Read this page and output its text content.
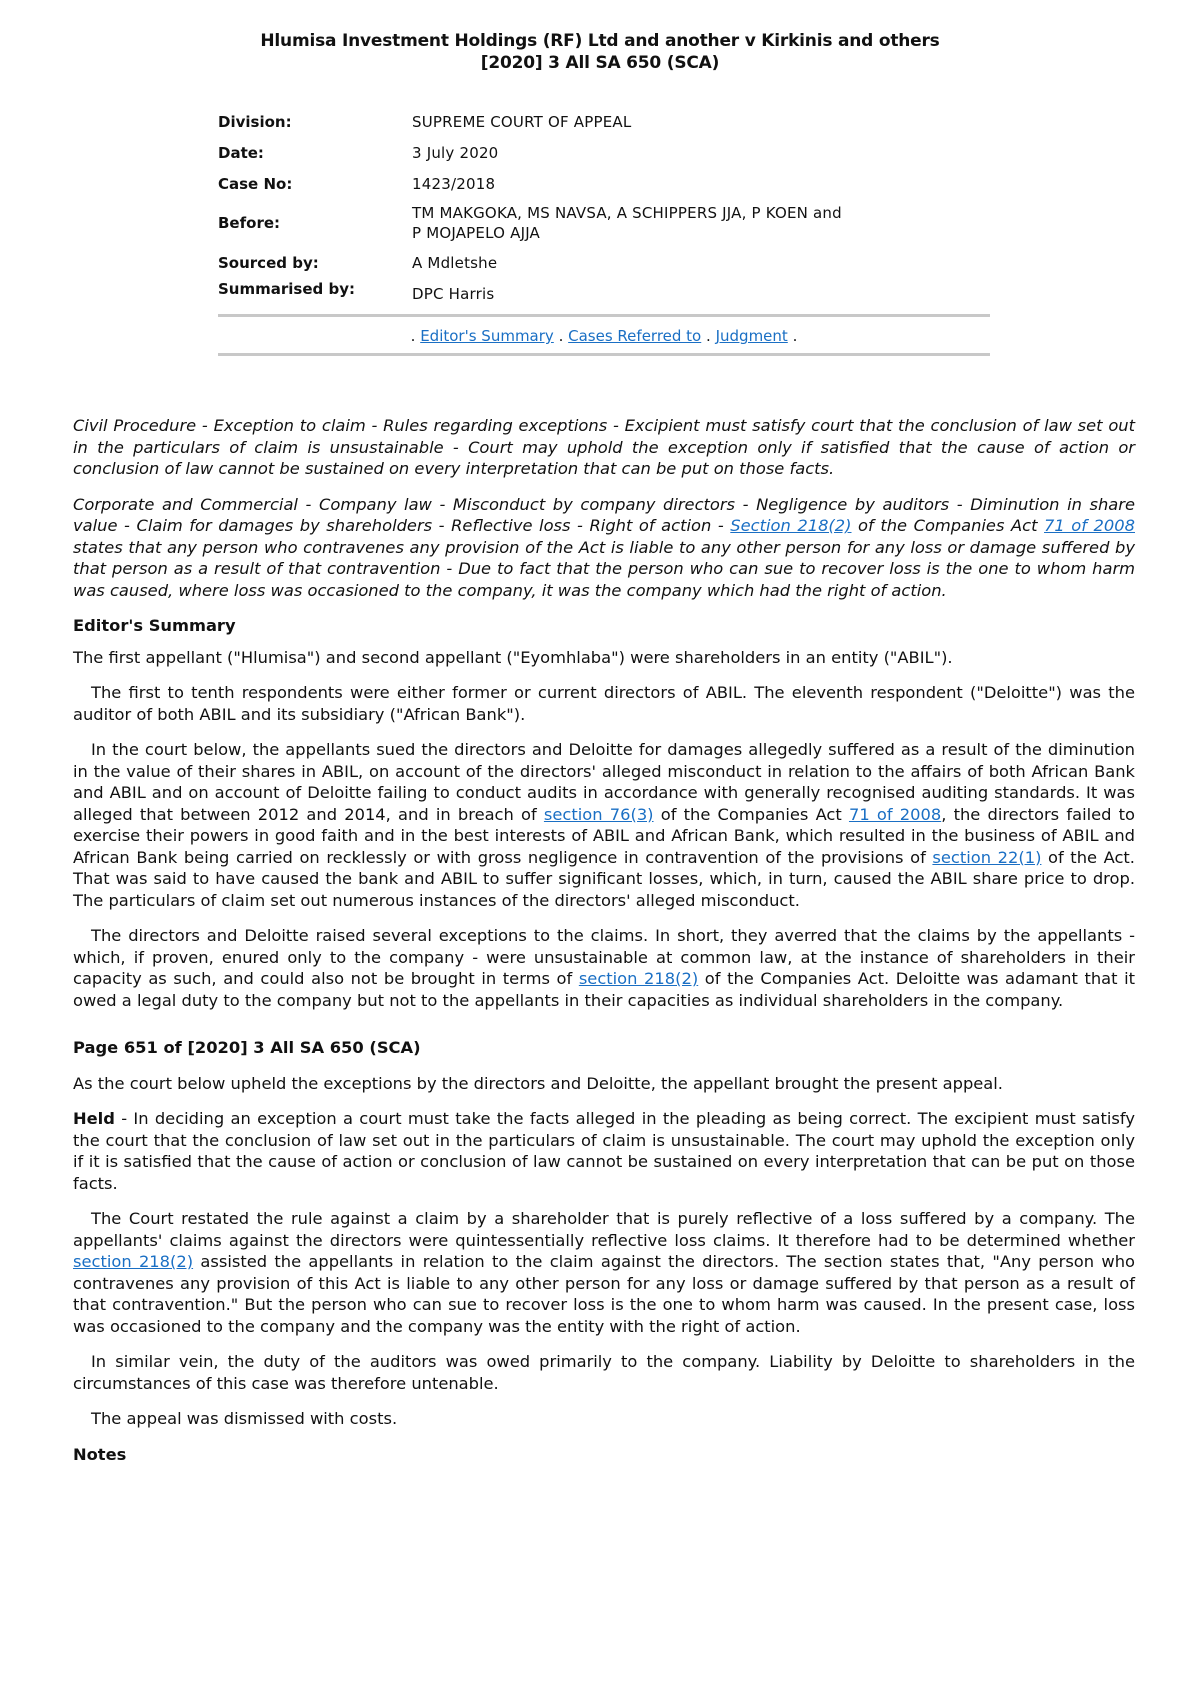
Hlumisa Investment Holdings (RF) Ltd and another v Kirkinis and others
[2020] 3 All SA 650 (SCA)
Division:	SUPREME COURT OF APPEAL
Date:	3 July 2020
Case No:	1423/2018
Before:
TM MAKGOKA, MS NAVSA, A SCHIPPERS JJA, P KOEN and
P MOJAPELO AJJA
Sourced by:	A Mdletshe
Summarised by:	DPC Harris
. Editor's Summary . Cases Referred to . Judgment .

Civil Procedure - Exception to claim - Rules regarding exceptions - Excipient must satisfy court that the conclusion of law set out in the particulars of claim is unsustainable - Court may uphold the exception only if satisfied that the cause of action or conclusion of law cannot be sustained on every interpretation that can be put on those facts.

Corporate and Commercial - Company law - Misconduct by company directors - Negligence by auditors - Diminution in share value - Claim for damages by shareholders - Reflective loss - Right of action - Section 218(2) of the Companies Act 71 of 2008 states that any person who contravenes any provision of the Act is liable to any other person for any loss or damage suffered by that person as a result of that contravention - Due to fact that the person who can sue to recover loss is the one to whom harm was caused, where loss was occasioned to the company, it was the company which had the right of action.

Editor's Summary

The first appellant ("Hlumisa") and second appellant ("Eyomhlaba") were shareholders in an entity ("ABIL").

The first to tenth respondents were either former or current directors of ABIL. The eleventh respondent ("Deloitte") was the auditor of both ABIL and its subsidiary ("African Bank").

In the court below, the appellants sued the directors and Deloitte for damages allegedly suffered as a result of the diminution in the value of their shares in ABIL, on account of the directors' alleged misconduct in relation to the affairs of both African Bank and ABIL and on account of Deloitte failing to conduct audits in accordance with generally recognised auditing standards. It was alleged that between 2012 and 2014, and in breach of section 76(3) of the Companies Act 71 of 2008, the directors failed to exercise their powers in good faith and in the best interests of ABIL and African Bank, which resulted in the business of ABIL and African Bank being carried on recklessly or with gross negligence in contravention of the provisions of section 22(1) of the Act. That was said to have caused the bank and ABIL to suffer significant losses, which, in turn, caused the ABIL share price to drop. The particulars of claim set out numerous instances of the directors' alleged misconduct.

The directors and Deloitte raised several exceptions to the claims. In short, they averred that the claims by the appellants - which, if proven, enured only to the company - were unsustainable at common law, at the instance of shareholders in their capacity as such, and could also not be brought in terms of section 218(2) of the Companies Act. Deloitte was adamant that it owed a legal duty to the company but not to the appellants in their capacities as individual shareholders in the company.

Page 651 of [2020] 3 All SA 650 (SCA)

As the court below upheld the exceptions by the directors and Deloitte, the appellant brought the present appeal.

Held - In deciding an exception a court must take the facts alleged in the pleading as being correct. The excipient must satisfy the court that the conclusion of law set out in the particulars of claim is unsustainable. The court may uphold the exception only if it is satisfied that the cause of action or conclusion of law cannot be sustained on every interpretation that can be put on those facts.

The Court restated the rule against a claim by a shareholder that is purely reflective of a loss suffered by a company. The appellants' claims against the directors were quintessentially reflective loss claims. It therefore had to be determined whether section 218(2) assisted the appellants in relation to the claim against the directors. The section states that, "Any person who contravenes any provision of this Act is liable to any other person for any loss or damage suffered by that person as a result of that contravention." But the person who can sue to recover loss is the one to whom harm was caused. In the present case, loss was occasioned to the company and the company was the entity with the right of action.

In similar vein, the duty of the auditors was owed primarily to the company. Liability by Deloitte to shareholders in the circumstances of this case was therefore untenable.

The appeal was dismissed with costs.

Notes
